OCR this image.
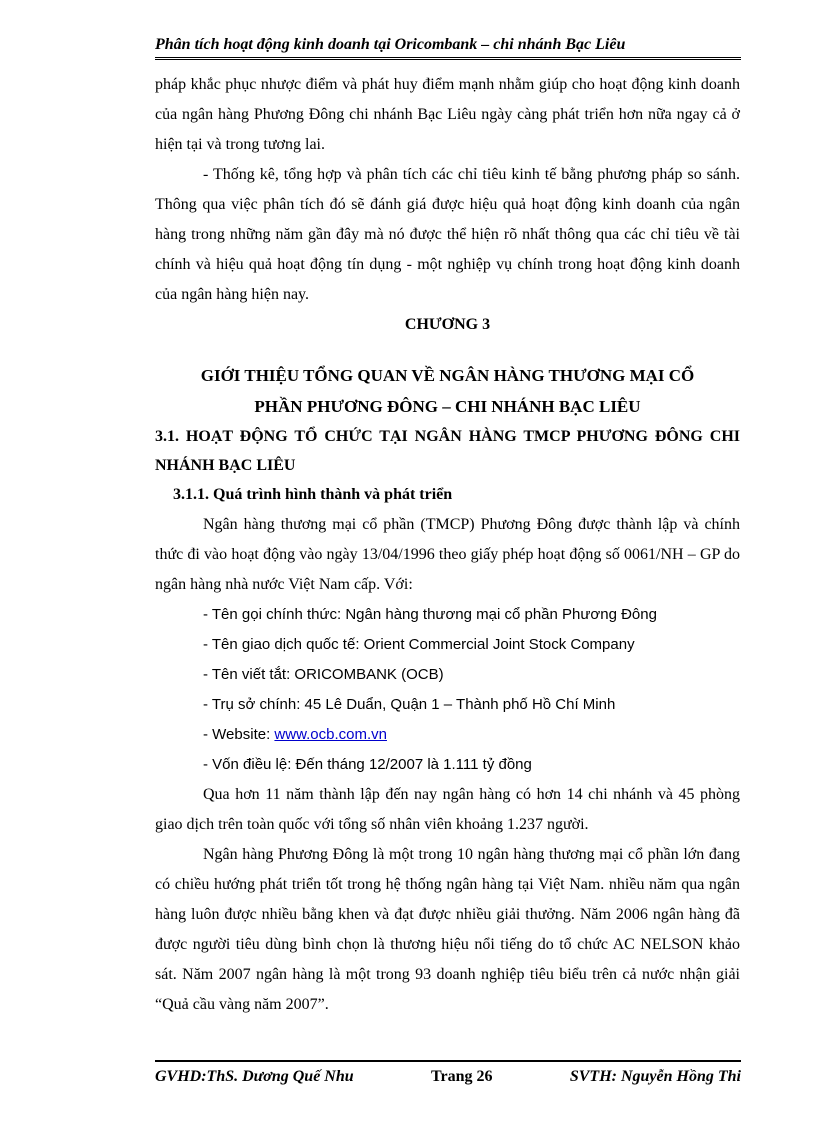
Phân tích hoạt động kinh doanh tại Oricombank – chi nhánh Bạc Liêu

pháp khắc phục nhược điểm và phát huy điểm mạnh nhằm giúp cho hoạt động kinh doanh của ngân hàng Phương Đông chi nhánh Bạc Liêu ngày càng phát triển hơn nữa ngay cả ở hiện tại và trong tương lai.

- Thống kê, tổng hợp và phân tích các chỉ tiêu kinh tế bằng phương pháp so sánh. Thông qua việc phân tích đó sẽ đánh giá được hiệu quả hoạt động kinh doanh của ngân hàng trong những năm gần đây mà nó được thể hiện rõ nhất thông qua các chỉ tiêu về tài chính và hiệu quả hoạt động tín dụng - một nghiệp vụ chính trong hoạt động kinh doanh của ngân hàng hiện nay.

CHƯƠNG 3

GIỚI THIỆU TỔNG QUAN VỀ NGÂN HÀNG THƯƠNG MẠI CỔ

PHẦN PHƯƠNG ĐÔNG – CHI NHÁNH BẠC LIÊU

3.1. HOẠT ĐỘNG TỔ CHỨC TẠI NGÂN HÀNG TMCP PHƯƠNG ĐÔNG CHI NHÁNH BẠC LIÊU

3.1.1. Quá trình hình thành và phát triển

Ngân hàng thương mại cổ phần (TMCP) Phương Đông được thành lập và chính thức đi vào hoạt động vào ngày 13/04/1996 theo giấy phép hoạt động số 0061/NH – GP do ngân hàng nhà nước Việt Nam cấp. Với:

- Tên gọi chính thức: Ngân hàng thương mại cổ phần Phương Đông

- Tên giao dịch quốc tế: Orient Commercial Joint Stock Company

- Tên viết tắt: ORICOMBANK (OCB)

- Trụ sở chính: 45 Lê Duẩn, Quận 1 – Thành phố Hồ Chí Minh

- Website: www.ocb.com.vn

- Vốn điều lệ: Đến tháng 12/2007 là 1.111 tỷ đồng

Qua hơn 11 năm thành lập đến nay ngân hàng có hơn 14 chi nhánh và 45 phòng giao dịch trên toàn quốc với tổng số nhân viên khoảng 1.237 người.

Ngân hàng Phương Đông là một trong 10 ngân hàng thương mại cổ phần lớn đang có chiều hướng phát triển tốt trong hệ thống ngân hàng tại Việt Nam. nhiều năm qua ngân hàng luôn được nhiều bằng khen và đạt được nhiều giải thưởng. Năm 2006 ngân hàng đã được người tiêu dùng bình chọn là thương hiệu nổi tiếng do tổ chức AC NELSON khảo sát. Năm 2007 ngân hàng là một trong 93 doanh nghiệp tiêu biểu trên cả nước nhận giải “Quả cầu vàng năm 2007”.

GVHD:ThS. Dương Quế Nhu	Trang 26	SVTH: Nguyễn Hồng Thi
